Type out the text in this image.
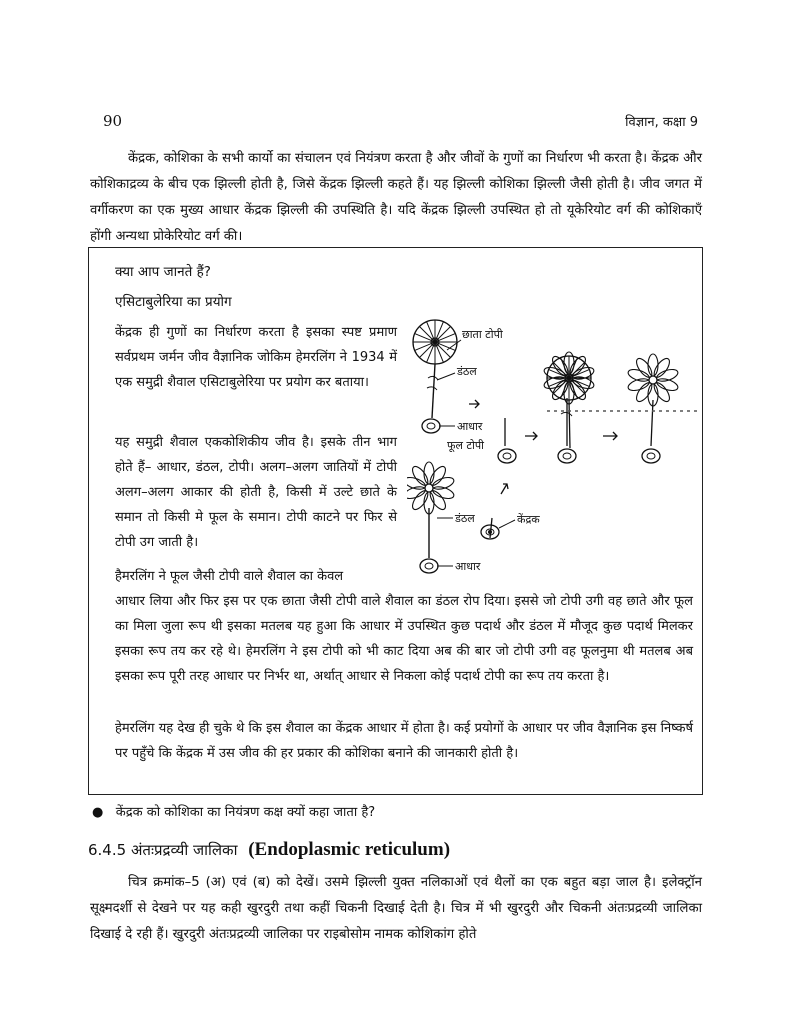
90	विज्ञान, कक्षा 9
केंद्रक, कोशिका के सभी कार्यो का संचालन एवं नियंत्रण करता है और जीवों के गुणों का निर्धारण भी करता है। केंद्रक और कोशिकाद्रव्य के बीच एक झिल्ली होती है, जिसे केंद्रक झिल्ली कहते हैं। यह झिल्ली कोशिका झिल्ली जैसी होती है। जीव जगत में वर्गीकरण का एक मुख्य आधार केंद्रक झिल्ली की उपस्थिति है। यदि केंद्रक झिल्ली उपस्थित हो तो यूकेरियोट वर्ग की कोशिकाएँ होंगी अन्यथा प्रोकेरियोट वर्ग की।
क्या आप जानते हैं?
एसिटाबुलेरिया का प्रयोग
केंद्रक ही गुणों का निर्धारण करता है इसका स्पष्ट प्रमाण सर्वप्रथम जर्मन जीव वैज्ञानिक जोकिम हेमरलिंग ने 1934 में एक समुद्री शैवाल एसिटाबुलेरिया पर प्रयोग कर बताया।
यह समुद्री शैवाल एककोशिकीय जीव है। इसके तीन भाग होते हैं– आधार, डंठल, टोपी। अलग–अलग जातियों में टोपी अलग–अलग आकार की होती है, किसी में उल्टे छाते के समान तो किसी मे फूल के समान। टोपी काटने पर फिर से टोपी उग जाती है।
हैमरलिंग ने फूल जैसी टोपी वाले शैवाल का केवल
आधार लिया और फिर इस पर एक छाता जैसी टोपी वाले शैवाल का डंठल रोप दिया। इससे जो टोपी उगी वह छाते और फूल का मिला जुला रूप थी इसका मतलब यह हुआ कि आधार में उपस्थित कुछ पदार्थ और डंठल में मौजूद कुछ पदार्थ मिलकर इसका रूप तय कर रहे थे। हेमरलिंग ने इस टोपी को भी काट दिया अब की बार जो टोपी उगी वह फूलनुमा थी मतलब अब इसका रूप पूरी तरह आधार पर निर्भर था, अर्थात् आधार से निकला कोई पदार्थ टोपी का रूप तय करता है।
हेमरलिंग यह देख ही चुके थे कि इस शैवाल का केंद्रक आधार में होता है। कई प्रयोगों के आधार पर जीव वैज्ञानिक इस निष्कर्ष पर पहुँचे कि केंद्रक में उस जीव की हर प्रकार की कोशिका बनाने की जानकारी होती है।
छाता टोपी
डंठल
आधार
फूल टोपी
डंठल	केंद्रक
आधार
●   केंद्रक को कोशिका का नियंत्रण कक्ष क्यों कहा जाता है?
6.4.5 अंतःप्रद्रव्यी जालिका (Endoplasmic reticulum)
चित्र क्रमांक–5 (अ) एवं (ब) को देखें। उसमे झिल्ली युक्त नलिकाओं एवं थैलों का एक बहुत बड़ा जाल है। इलेक्ट्रॉन सूक्ष्मदर्शी से देखने पर यह कही खुरदुरी तथा कहीं चिकनी दिखाई देती है। चित्र में भी खुरदुरी और चिकनी अंतःप्रद्रव्यी जालिका दिखाई दे रही हैं। खुरदुरी अंतःप्रद्रव्यी जालिका पर राइबोसोम नामक कोशिकांग होते
